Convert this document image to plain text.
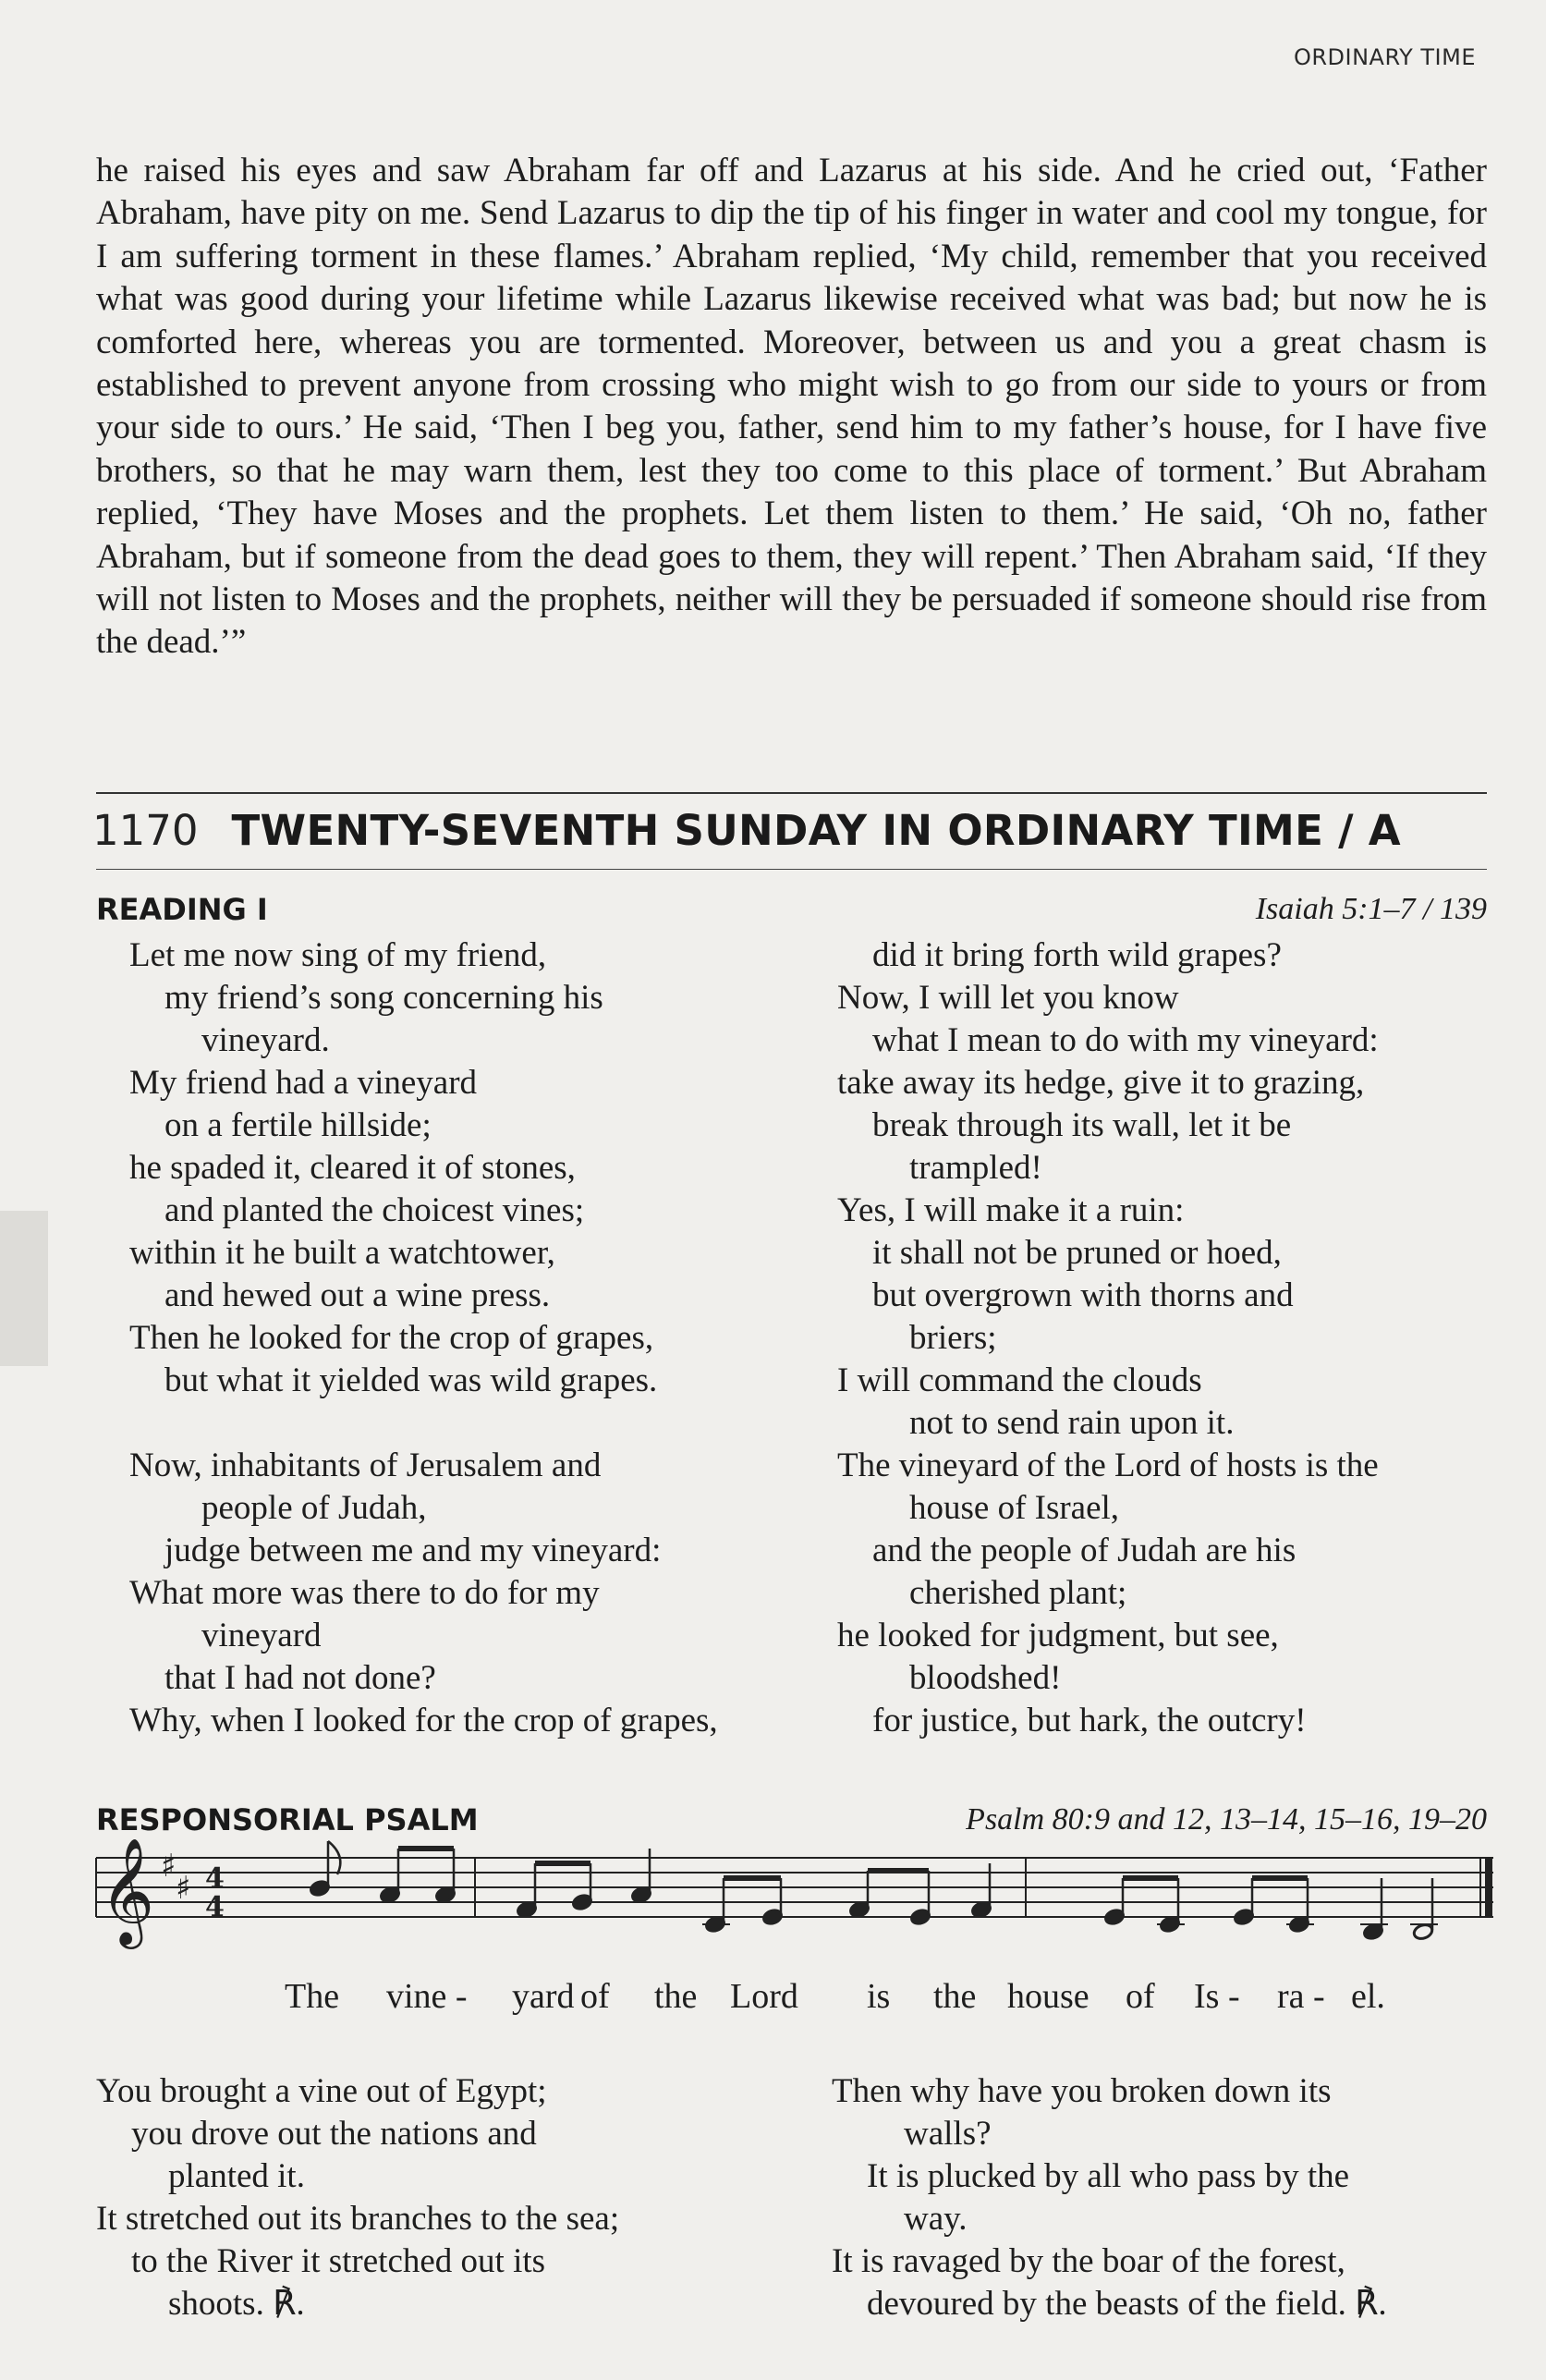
ORDINARY TIME

he raised his eyes and saw Abraham far off and Lazarus at his side. And he cried out, ‘Father Abraham, have pity on me. Send Lazarus to dip the tip of his finger in water and cool my tongue, for I am suffering torment in these flames.’ Abraham replied, ‘My child, remember that you received what was good during your lifetime while Lazarus likewise received what was bad; but now he is comforted here, whereas you are tormented. Moreover, between us and you a great chasm is established to prevent anyone from crossing who might wish to go from our side to yours or from your side to ours.’ He said, ‘Then I beg you, father, send him to my father’s house, for I have five brothers, so that he may warn them, lest they too come to this place of torment.’ But Abraham replied, ‘They have Moses and the prophets. Let them listen to them.’ He said, ‘Oh no, father Abraham, but if someone from the dead goes to them, they will repent.’ Then Abraham said, ‘If they will not listen to Moses and the prophets, neither will they be persuaded if someone should rise from the dead.’”

1170 TWENTY-SEVENTH SUNDAY IN ORDINARY TIME / A
READING I	Isaiah 5:1–7 / 139
Let me now sing of my friend,
my friend’s song concerning his
vineyard.
My friend had a vineyard
on a fertile hillside;
he spaded it, cleared it of stones,
and planted the choicest vines;
within it he built a watchtower,
and hewed out a wine press.
Then he looked for the crop of grapes,
but what it yielded was wild grapes.
Now, inhabitants of Jerusalem and
people of Judah,
judge between me and my vineyard:
What more was there to do for my
vineyard
that I had not done?
Why, when I looked for the crop of grapes,
did it bring forth wild grapes?
Now, I will let you know
what I mean to do with my vineyard:
take away its hedge, give it to grazing,
break through its wall, let it be
trampled!
Yes, I will make it a ruin:
it shall not be pruned or hoed,
but overgrown with thorns and
briers;
I will command the clouds
not to send rain upon it.
The vineyard of the Lord of hosts is the
house of Israel,
and the people of Judah are his
cherished plant;
he looked for judgment, but see,
bloodshed!
for justice, but hark, the outcry!
RESPONSORIAL PSALM	Psalm 80:9 and 12, 13–14, 15–16, 19–20
𝄞 ♯
♯ 4
4
The vine - yard of the Lord is the house of Is - ra - el.
You brought a vine out of Egypt;
you drove out the nations and
planted it.
It stretched out its branches to the sea;
to the River it stretched out its
shoots. ℟.
Then why have you broken down its
walls?
It is plucked by all who pass by the
way.
It is ravaged by the boar of the forest,
devoured by the beasts of the field. ℟.
